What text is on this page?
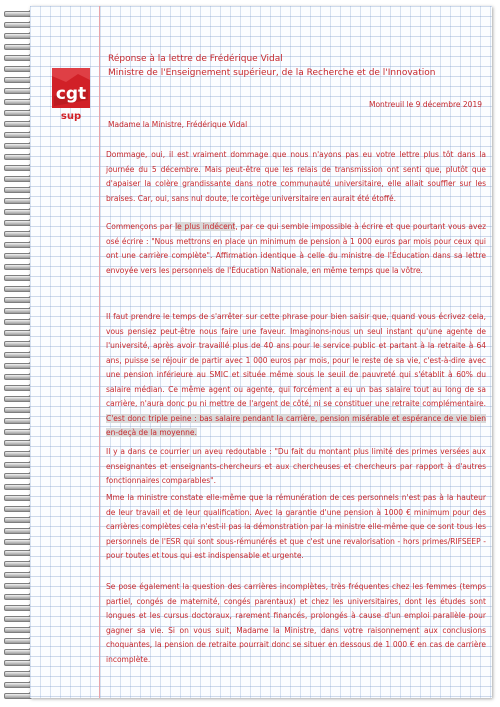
cgt
sup

Réponse à la lettre de Frédérique Vidal

Ministre de l'Enseignement supérieur, de la Recherche et de l'Innovation

Montreuil le 9 décembre 2019

Madame la Ministre, Frédérique Vidal

Dommage, oui, il est vraiment dommage que nous n'ayons pas eu votre lettre plus tôt dans la journée du 5 décembre. Mais peut-être que les relais de transmission ont senti que, plutôt que d'apaiser la colère grandissante dans notre communauté universitaire, elle allait souffler sur les braises. Car, oui, sans nul doute, le cortège universitaire en aurait été étoffé.

Commençons par le plus indécent, par ce qui semble impossible à écrire et que pourtant vous avez osé écrire : "Nous mettrons en place un minimum de pension à 1 000 euros par mois pour ceux qui ont une carrière complète". Affirmation identique à celle du ministre de l'Éducation dans sa lettre envoyée vers les personnels de l'Éducation Nationale, en même temps que la vôtre.

Il faut prendre le temps de s'arrêter sur cette phrase pour bien saisir que, quand vous écrivez cela, vous pensiez peut-être nous faire une faveur. Imaginons-nous un seul instant qu'une agente de l'université, après avoir travaillé plus de 40 ans pour le service public et partant à la retraite à 64 ans, puisse se réjouir de partir avec 1 000 euros par mois, pour le reste de sa vie, c'est-à-dire avec une pension inférieure au SMIC et située même sous le seuil de pauvreté qui s'établit à 60% du salaire médian. Ce même agent ou agente, qui forcément a eu un bas salaire tout au long de sa carrière, n'aura donc pu ni mettre de l'argent de côté, ni se constituer une retraite complémentaire. C'est donc triple peine : bas salaire pendant la carrière, pension misérable et espérance de vie bien en-deçà de la moyenne.

Il y a dans ce courrier un aveu redoutable : "Du fait du montant plus limité des primes versées aux enseignantes et enseignants-chercheurs et aux chercheuses et chercheurs par rapport à d'autres fonctionnaires comparables".

Mme la ministre constate elle-même que la rémunération de ces personnels n'est pas à la hauteur de leur travail et de leur qualification. Avec la garantie d'une pension à 1000 € minimum pour des carrières complètes cela n'est-il pas la démonstration par la ministre elle-même que ce sont tous les personnels de l'ESR qui sont sous-rémunérés et que c'est une revalorisation - hors primes/RIFSEEP - pour toutes et tous qui est indispensable et urgente.

Se pose également la question des carrières incomplètes, très fréquentes chez les femmes (temps partiel, congés de maternité, congés parentaux) et chez les universitaires, dont les études sont longues et les cursus doctoraux, rarement financés, prolongés à cause d'un emploi parallèle pour gagner sa vie. Si on vous suit, Madame la Ministre, dans votre raisonnement aux conclusions choquantes, la pension de retraite pourrait donc se situer en dessous de 1 000 € en cas de carrière incomplète.
